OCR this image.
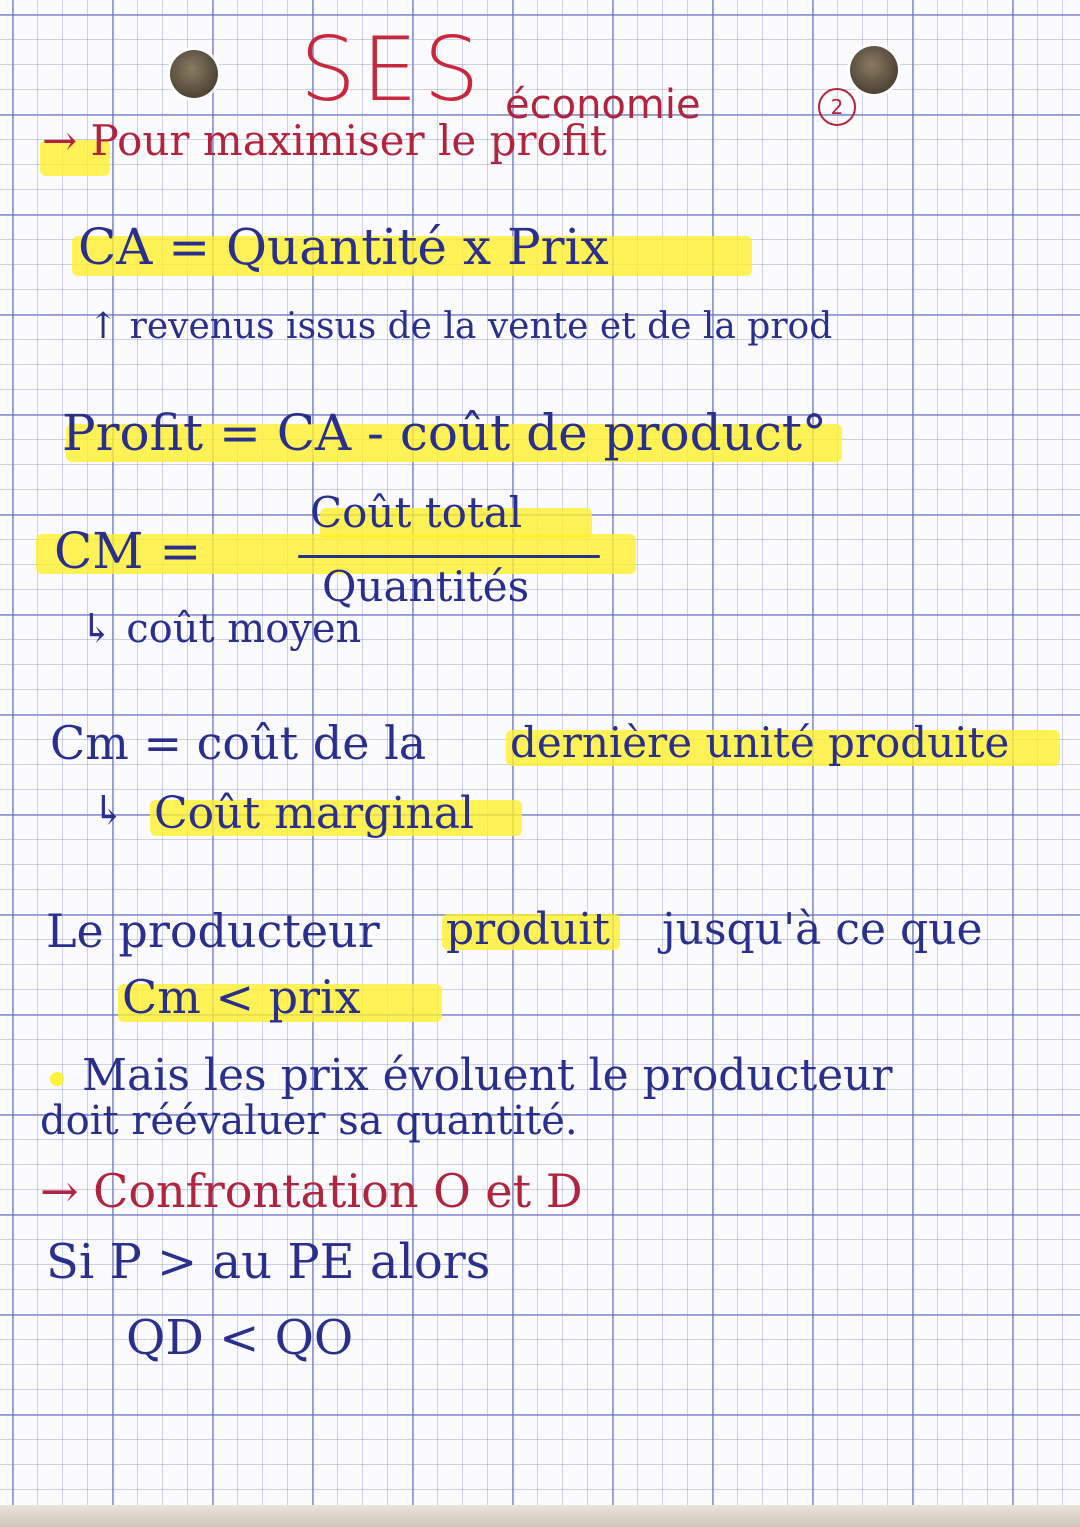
SES économie	2
→ Pour maximiser le profit
CA = Quantité x Prix
↑ revenus issus de la vente et de la prod
Profit = CA - coût de product°
CM =
Coût total
Quantités
↳ coût moyen
Cm = coût de la dernière unité produite
↳ Coût marginal
Le producteur produit jusqu'à ce que
Cm < prix
Mais les prix évoluent le producteur
doit réévaluer sa quantité.
→ Confrontation O et D
Si P > au PE alors
QD < QO
